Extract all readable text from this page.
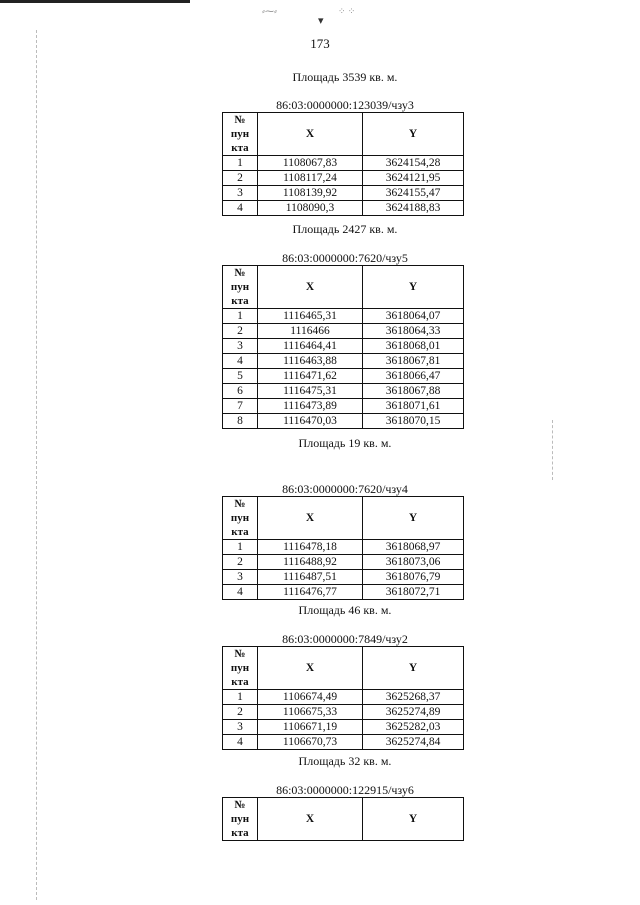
⸗⁓⸗
▾
⁘ ⁘
173
Площадь 3539 кв. м.
86:03:0000000:123039/чзу3
№
пун
кта	X	Y
1	1108067,83	3624154,28
2	1108117,24	3624121,95
3	1108139,92	3624155,47
4	1108090,3	3624188,83
Площадь 2427 кв. м.
86:03:0000000:7620/чзу5
№
пун
кта	X	Y
1	1116465,31	3618064,07
2	1116466	3618064,33
3	1116464,41	3618068,01
4	1116463,88	3618067,81
5	1116471,62	3618066,47
6	1116475,31	3618067,88
7	1116473,89	3618071,61
8	1116470,03	3618070,15
Площадь 19 кв. м.
86:03:0000000:7620/чзу4
№
пун
кта	X	Y
1	1116478,18	3618068,97
2	1116488,92	3618073,06
3	1116487,51	3618076,79
4	1116476,77	3618072,71
Площадь 46 кв. м.
86:03:0000000:7849/чзу2
№
пун
кта	X	Y
1	1106674,49	3625268,37
2	1106675,33	3625274,89
3	1106671,19	3625282,03
4	1106670,73	3625274,84
Площадь 32 кв. м.
86:03:0000000:122915/чзу6
№
пун
кта	X	Y
